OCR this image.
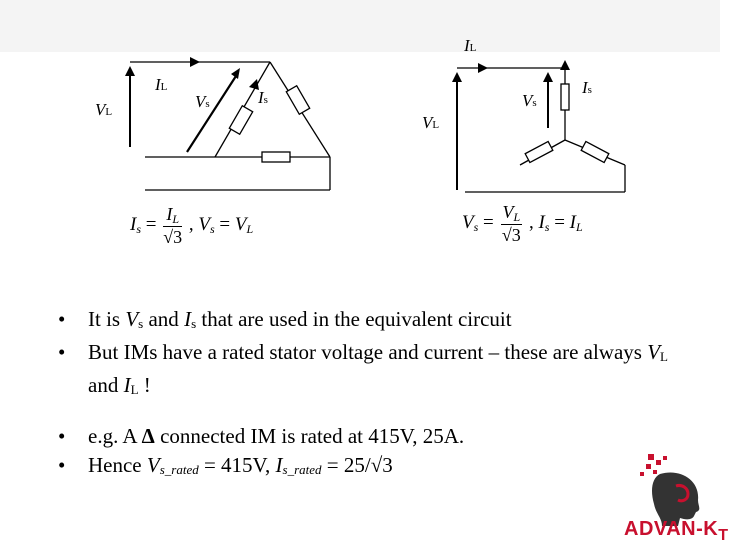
VL
IL
Vs	Is
IL
VL
Vs
Is
$Is = \frac{IL}{√3}$ , Vs = VL	$Vs = \frac{VL}{√3}$ , Is = IL
• It is Vs and Is that are used in the equivalent circuit
• But IMs have a rated stator voltage and current – these are always VL and IL !
• e.g. A Δ connected IM is rated at 415V, 25A.
• Hence Vs_rated = 415V, Is_rated = 25/√3
ADVAN-$K_T$
